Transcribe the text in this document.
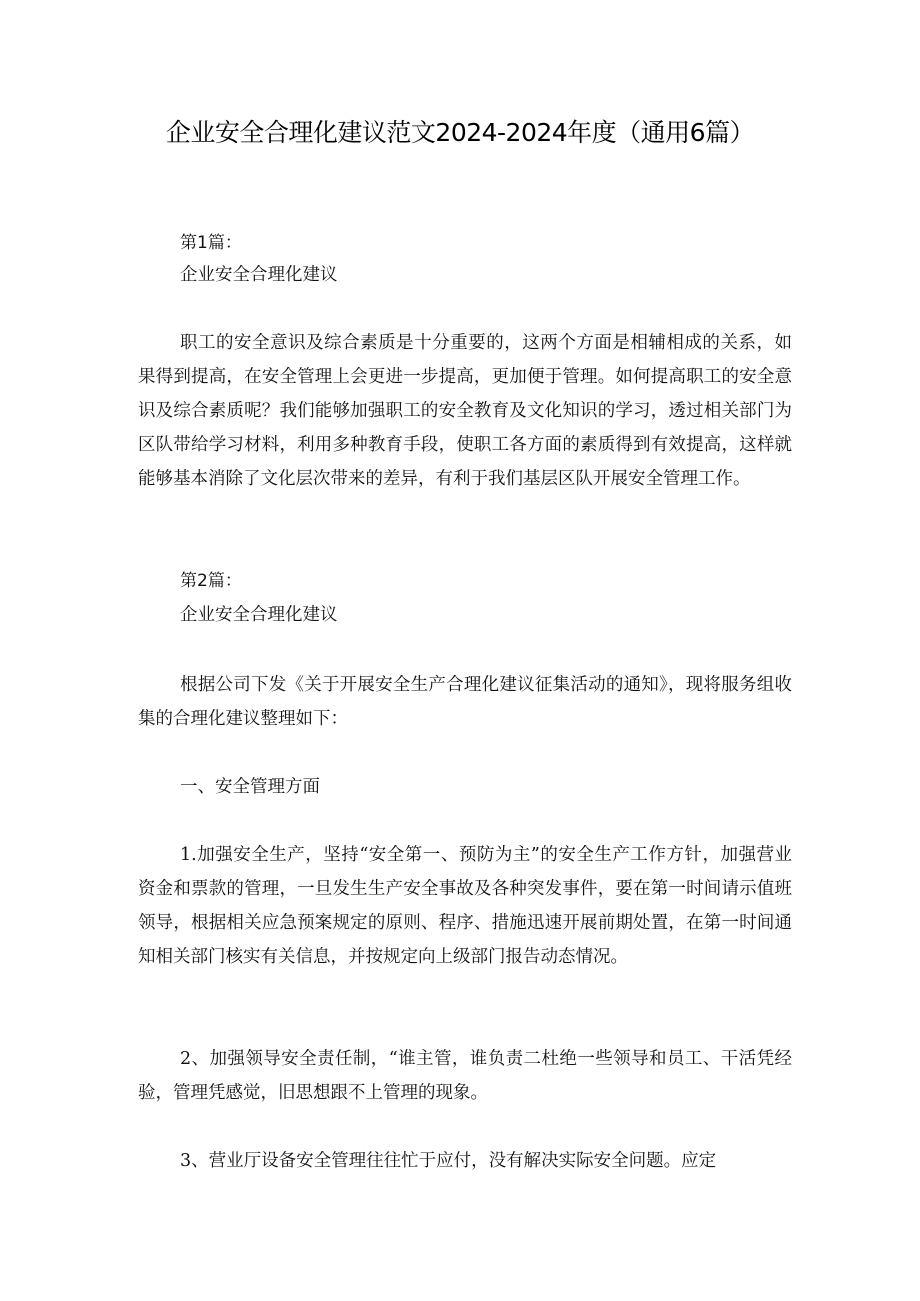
企业安全合理化建议范文2024-2024年度（通用6篇）
第1篇：
企业安全合理化建议
职工的安全意识及综合素质是十分重要的，这两个方面是相辅相成的关系，如果得到提高，在安全管理上会更进一步提高，更加便于管理。如何提高职工的安全意识及综合素质呢？我们能够加强职工的安全教育及文化知识的学习，透过相关部门为区队带给学习材料，利用多种教育手段，使职工各方面的素质得到有效提高，这样就能够基本消除了文化层次带来的差异，有利于我们基层区队开展安全管理工作。
第2篇：
企业安全合理化建议
根据公司下发《关于开展安全生产合理化建议征集活动的通知》，现将服务组收集的合理化建议整理如下：
一、安全管理方面
1.加强安全生产，坚持“安全第一、预防为主”的安全生产工作方针，加强营业资金和票款的管理，一旦发生生产安全事故及各种突发事件，要在第一时间请示值班领导，根据相关应急预案规定的原则、程序、措施迅速开展前期处置，在第一时间通知相关部门核实有关信息，并按规定向上级部门报告动态情况。
2、加强领导安全责任制，“谁主管，谁负责二杜绝一些领导和员工、干活凭经验，管理凭感觉，旧思想跟不上管理的现象。
3、营业厅设备安全管理往往忙于应付，没有解决实际安全问题。应定
